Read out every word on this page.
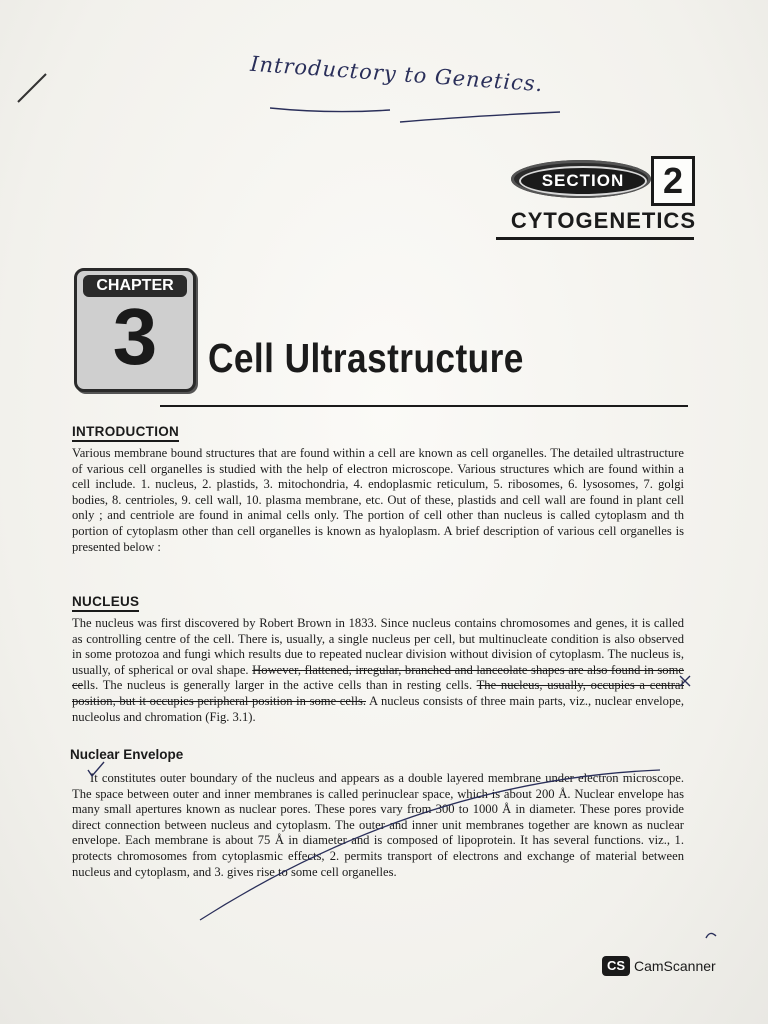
Introductory to Genetics.
SECTION	2
CYTOGENETICS
CHAPTER
3	Cell Ultrastructure
INTRODUCTION

Various membrane bound structures that are found within a cell are known as cell organelles. The detailed ultrastructure of various cell organelles is studied with the help of electron microscope. Various structures which are found within a cell include. 1. nucleus, 2. plastids, 3. mitochondria, 4. endoplasmic reticulum, 5. ribosomes, 6. lysosomes, 7. golgi bodies, 8. centrioles, 9. cell wall, 10. plasma membrane, etc. Out of these, plastids and cell wall are found in plant cell only ; and centriole are found in animal cells only. The portion of cell other than nucleus is called cytoplasm and th portion of cytoplasm other than cell organelles is known as hyaloplasm. A brief description of various cell organelles is presented below :

NUCLEUS

The nucleus was first discovered by Robert Brown in 1833. Since nucleus contains chromosomes and genes, it is called as controlling centre of the cell. There is, usually, a single nucleus per cell, but multinucleate condition is also observed in some protozoa and fungi which results due to repeated nuclear division without division of cytoplasm. The nucleus is, usually, of spherical or oval shape. However, flattened, irregular, branched and lanceolate shapes are also found in some cells. The nucleus is generally larger in the active cells than in resting cells. The nucleus, usually, occupies a central position, but it occupies peripheral position in some cells. A nucleus consists of three main parts, viz., nuclear envelope, nucleolus and chromation (Fig. 3.1).

Nuclear Envelope

It constitutes outer boundary of the nucleus and appears as a double layered membrane under electron microscope. The space between outer and inner membranes is called perinuclear space, which is about 200 Å. Nuclear envelope has many small apertures known as nuclear pores. These pores vary from 300 to 1000 Å in diameter. These pores provide direct connection between nucleus and cytoplasm. The outer and inner unit membranes together are known as nuclear envelope. Each membrane is about 75 Å in diameter and is composed of lipoprotein. It has several functions. viz., 1. protects chromosomes from cytoplasmic effects, 2. permits transport of electrons and exchange of material between nucleus and cytoplasm, and 3. gives rise to some cell organelles.

CS CamScanner
